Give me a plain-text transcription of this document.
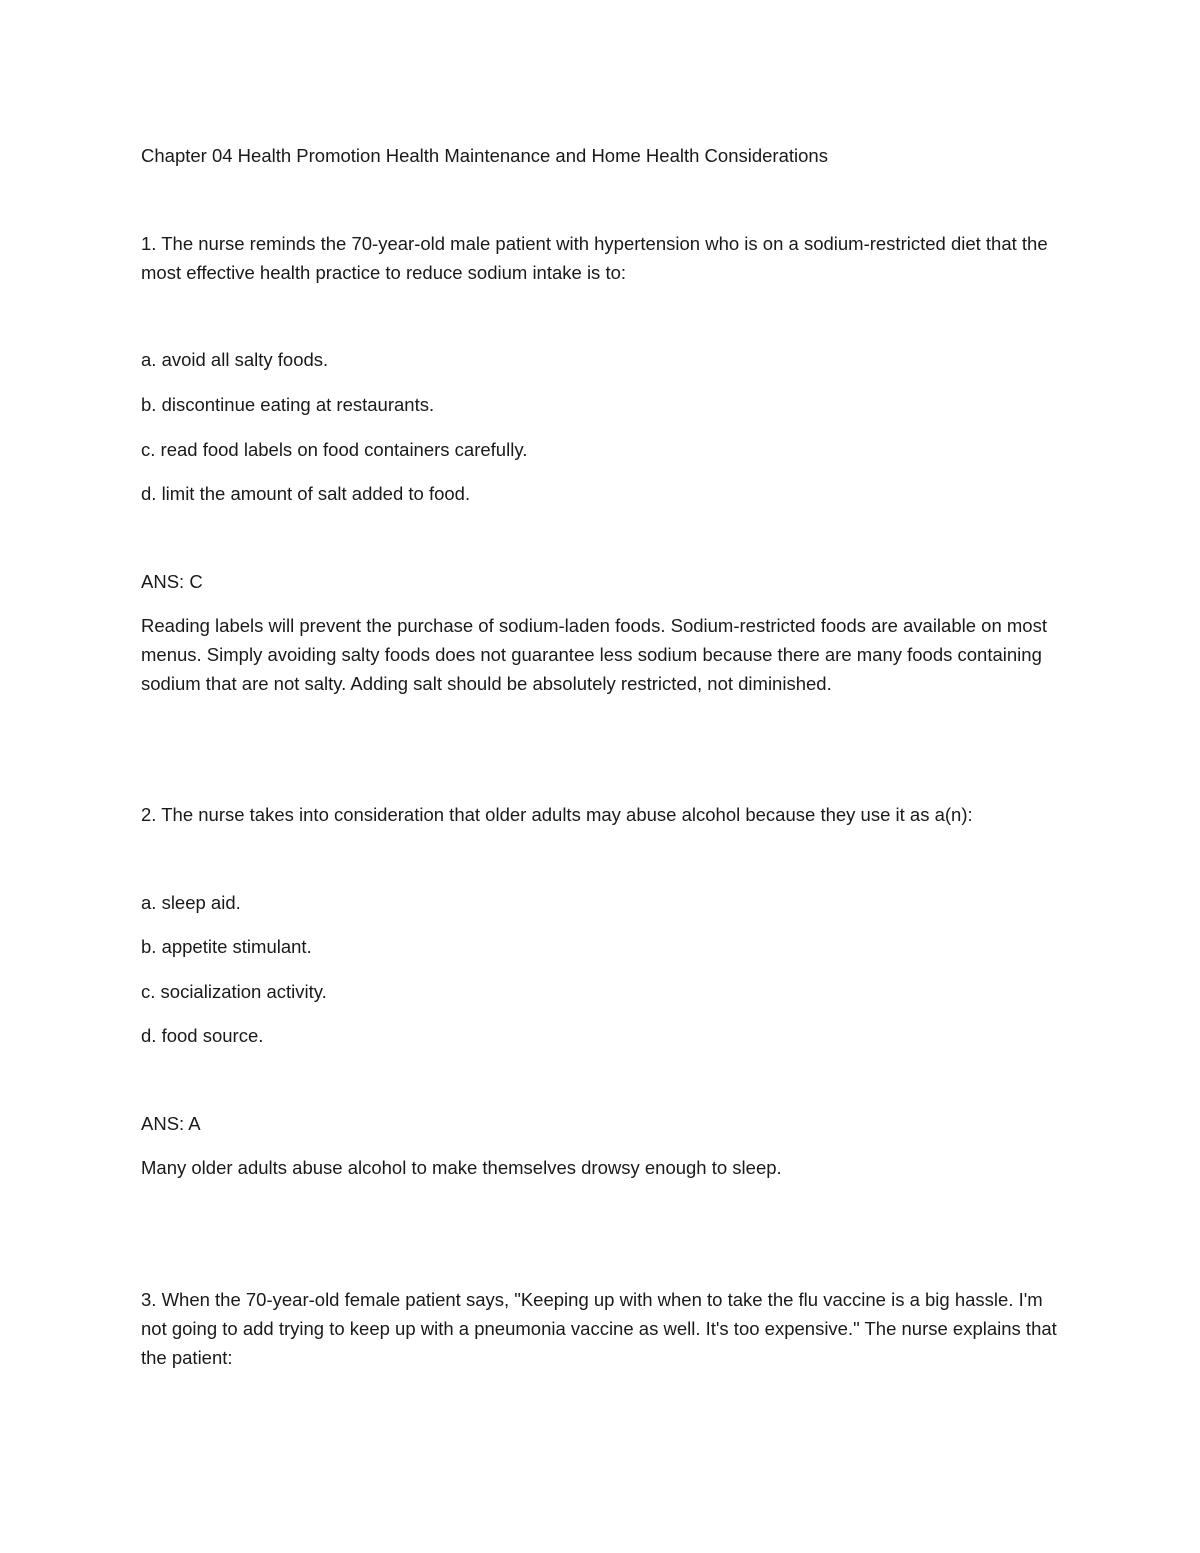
Chapter 04 Health Promotion Health Maintenance and Home Health Considerations

1. The nurse reminds the 70-year-old male patient with hypertension who is on a sodium-restricted diet that the most effective health practice to reduce sodium intake is to:

a. avoid all salty foods.

b. discontinue eating at restaurants.

c. read food labels on food containers carefully.

d. limit the amount of salt added to food.

ANS: C

Reading labels will prevent the purchase of sodium-laden foods. Sodium-restricted foods are available on most menus. Simply avoiding salty foods does not guarantee less sodium because there are many foods containing sodium that are not salty. Adding salt should be absolutely restricted, not diminished.

2. The nurse takes into consideration that older adults may abuse alcohol because they use it as a(n):

a. sleep aid.

b. appetite stimulant.

c. socialization activity.

d. food source.

ANS: A

Many older adults abuse alcohol to make themselves drowsy enough to sleep.

3. When the 70-year-old female patient says, "Keeping up with when to take the flu vaccine is a big hassle. I'm not going to add trying to keep up with a pneumonia vaccine as well. It's too expensive." The nurse explains that the patient:
